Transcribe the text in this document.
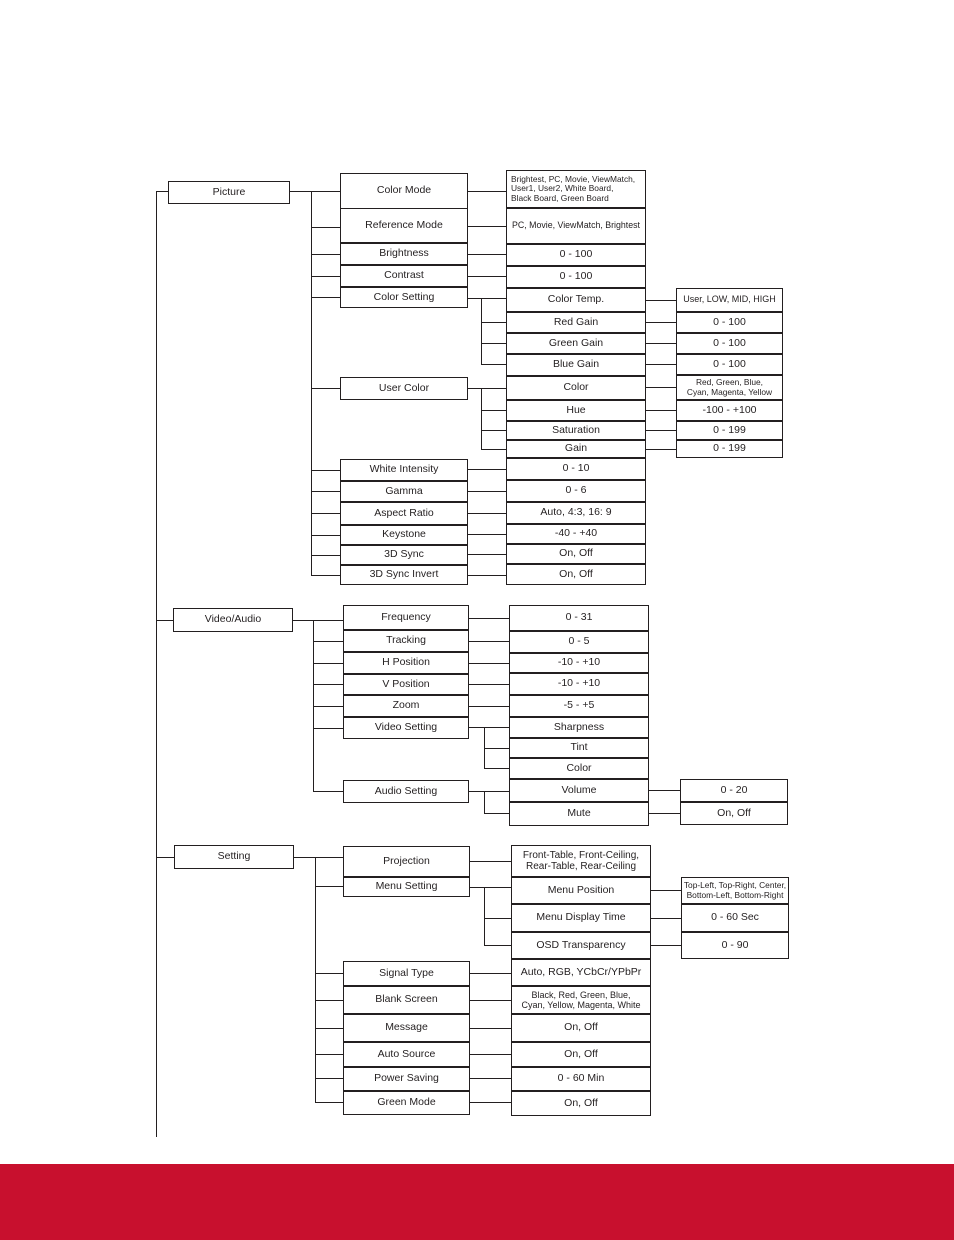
Picture	Color Mode
Reference Mode
Brightness
Contrast
Color Setting
User Color
White Intensity
Gamma
Aspect Ratio
Keystone
3D Sync
3D Sync Invert
Brightest, PC, Movie, ViewMatch,
User1, User2, White Board,
Black Board, Green Board
PC, Movie, ViewMatch, Brightest
0 - 100
0 - 100
Color Temp.
Red Gain
Green Gain
Blue Gain
Color
Hue
Saturation
Gain
0 - 10
0 - 6
Auto, 4:3, 16: 9
-40 - +40
On, Off
On, Off
User, LOW, MID, HIGH
0 - 100
0 - 100
0 - 100
Red, Green, Blue,
Cyan, Magenta, Yellow
-100 - +100
0 - 199
0 - 199
Video/Audio	Frequency
Tracking
H Position
V Position
Zoom
Video Setting
Audio Setting
0 - 31
0 - 5
-10 - +10
-10 - +10
-5 - +5
Sharpness
Tint
Color
Volume
Mute
0 - 20
On, Off
Setting	Projection
Menu Setting
Signal Type
Blank Screen
Message
Auto Source
Power Saving
Green Mode
Front-Table, Front-Ceiling,
Rear-Table, Rear-Ceiling
Menu Position
Menu Display Time
OSD Transparency
Auto, RGB, YCbCr/YPbPr
Black, Red, Green, Blue,
Cyan, Yellow, Magenta, White
On, Off
On, Off
0 - 60 Min
On, Off
Top-Left, Top-Right, Center,
Bottom-Left, Bottom-Right
0 - 60 Sec
0 - 90
